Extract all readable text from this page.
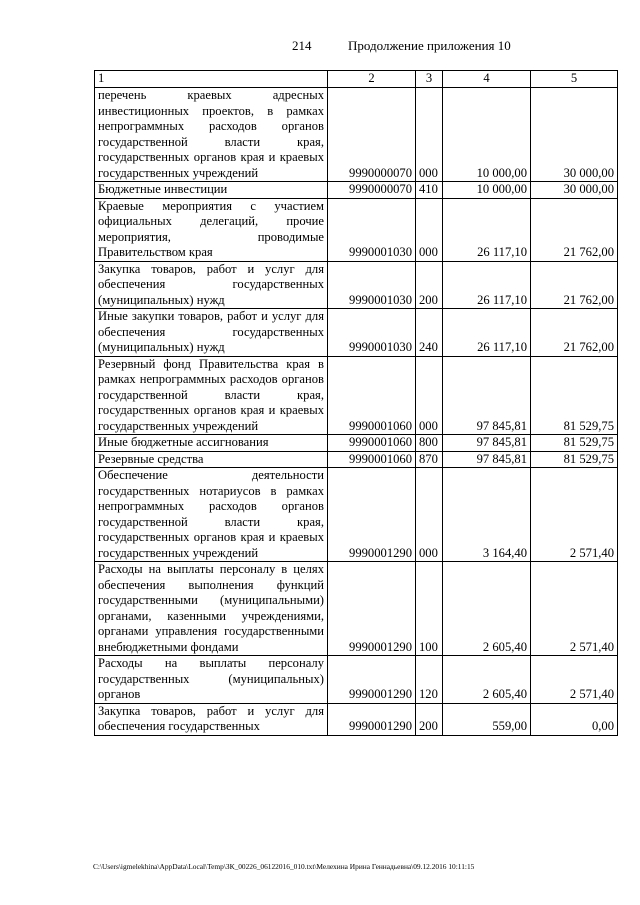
214	Продолжение приложения 10
1	2	3	4	5
перечень краевых адресных инвестиционных проектов, в рамках непрограммных расходов органов государственной власти края, государственных органов края и краевых государственных учреждений	9990000070	000	10 000,00	30 000,00
Бюджетные инвестиции	9990000070	410	10 000,00	30 000,00
Краевые мероприятия с участием официальных делегаций, прочие мероприятия, проводимые Правительством края	9990001030	000	26 117,10	21 762,00
Закупка товаров, работ и услуг для обеспечения государственных (муниципальных) нужд	9990001030	200	26 117,10	21 762,00
Иные закупки товаров, работ и услуг для обеспечения государственных (муниципальных) нужд	9990001030	240	26 117,10	21 762,00
Резервный фонд Правительства края в рамках непрограммных расходов органов государственной власти края, государственных органов края и краевых государственных учреждений	9990001060	000	97 845,81	81 529,75
Иные бюджетные ассигнования	9990001060	800	97 845,81	81 529,75
Резервные средства	9990001060	870	97 845,81	81 529,75
Обеспечение деятельности государственных нотариусов в рамках непрограммных расходов органов государственной власти края, государственных органов края и краевых государственных учреждений	9990001290	000	3 164,40	2 571,40
Расходы на выплаты персоналу в целях обеспечения выполнения функций государственными (муниципальными) органами, казенными учреждениями, органами управления государственными внебюджетными фондами	9990001290	100	2 605,40	2 571,40
Расходы на выплаты персоналу государственных (муниципальных) органов	9990001290	120	2 605,40	2 571,40
Закупка товаров, работ и услуг для обеспечения государственных	9990001290	200	559,00	0,00
C:\Users\igmelekhina\AppData\Local\Temp\ЗК_00226_06122016_010.txt\Мелехина Ирина Геннадьевна\09.12.2016 10:11:15
